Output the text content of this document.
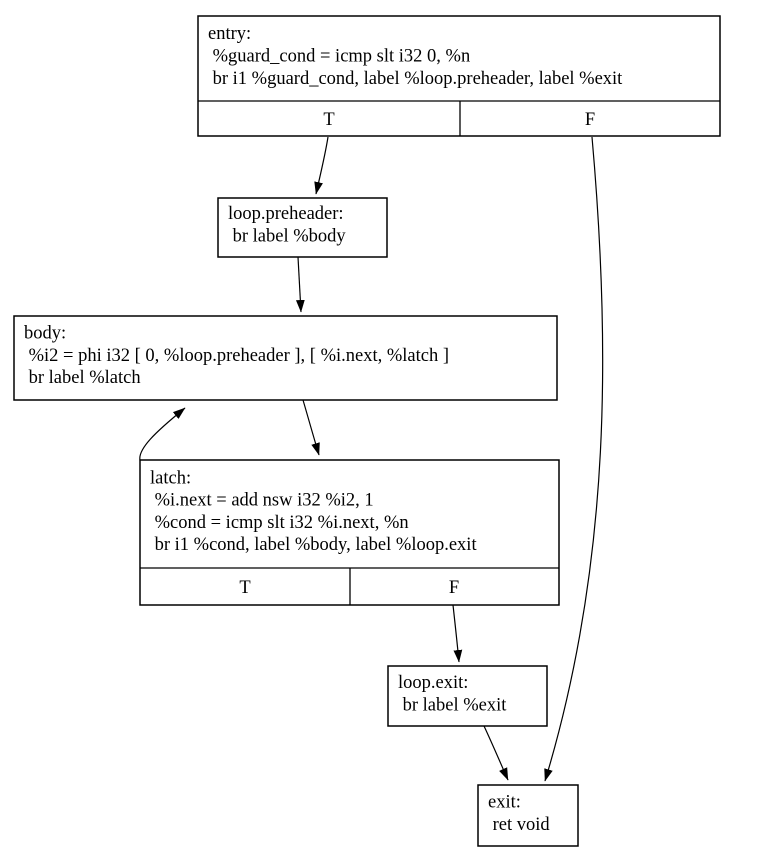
entry:
%guard_cond = icmp slt i32 0, %n
br i1 %guard_cond, label %loop.preheader, label %exit
T	F
loop.preheader:
br label %body
body:
%i2 = phi i32 [ 0, %loop.preheader ], [ %i.next, %latch ]
br label %latch
latch:
%i.next = add nsw i32 %i2, 1
%cond = icmp slt i32 %i.next, %n
br i1 %cond, label %body, label %loop.exit
T	F
loop.exit:
br label %exit
exit:
ret void
